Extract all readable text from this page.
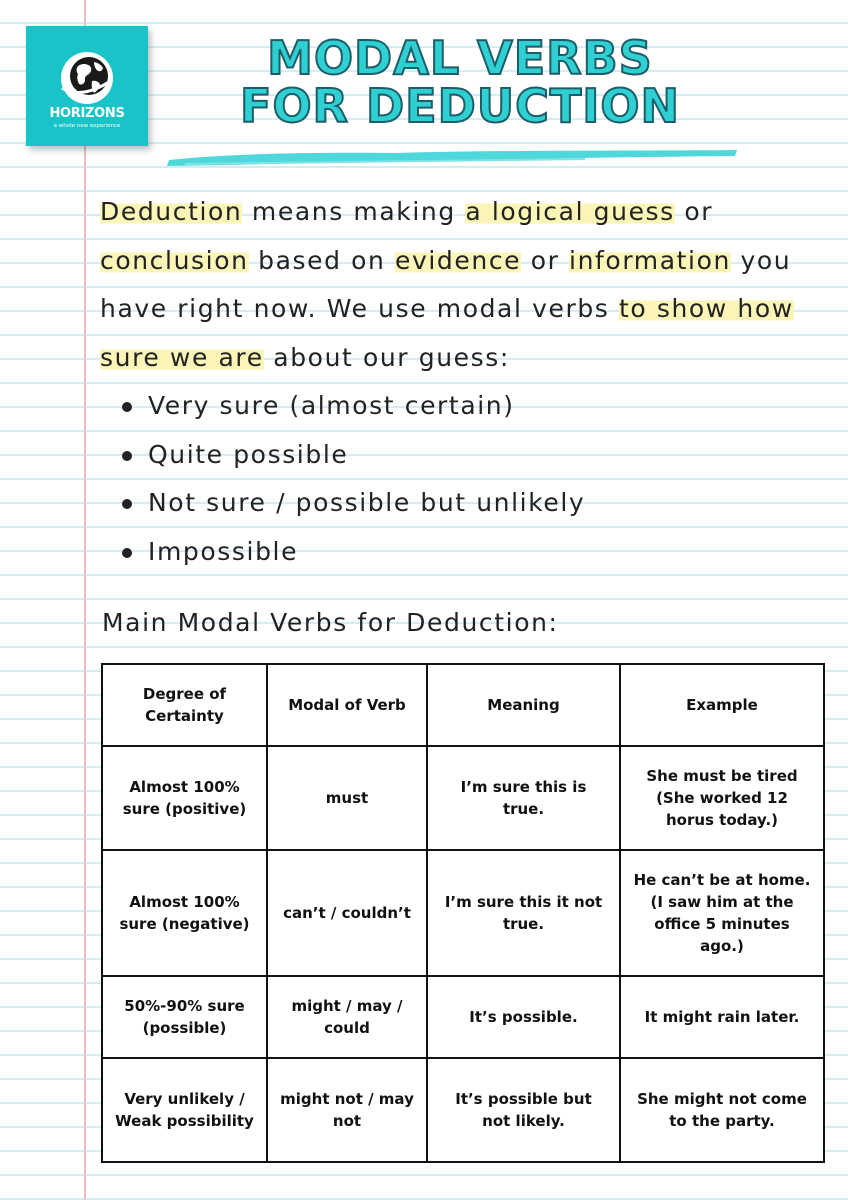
HORIZONS
a whole new experience
MODAL VERBS
FOR DEDUCTION

Deduction means making a logical guess or conclusion based on evidence or information you have right now. We use modal verbs to show how sure we are about our guess:

Very sure (almost certain)
Quite possible
Not sure / possible but unlikely
Impossible
Main Modal Verbs for Deduction:
Degree of Certainty	Modal of Verb	Meaning	Example
Almost 100% sure (positive)	must	I’m sure this is true.	She must be tired (She worked 12 horus today.)
Almost 100% sure (negative)	can’t / couldn’t	I’m sure this it not true.	He can’t be at home. (I saw him at the office 5 minutes ago.)
50%-90% sure (possible)	might / may / could	It’s possible.	It might rain later.
Very unlikely / Weak possibility	might not / may not	It’s possible but not likely.	She might not come to the party.
